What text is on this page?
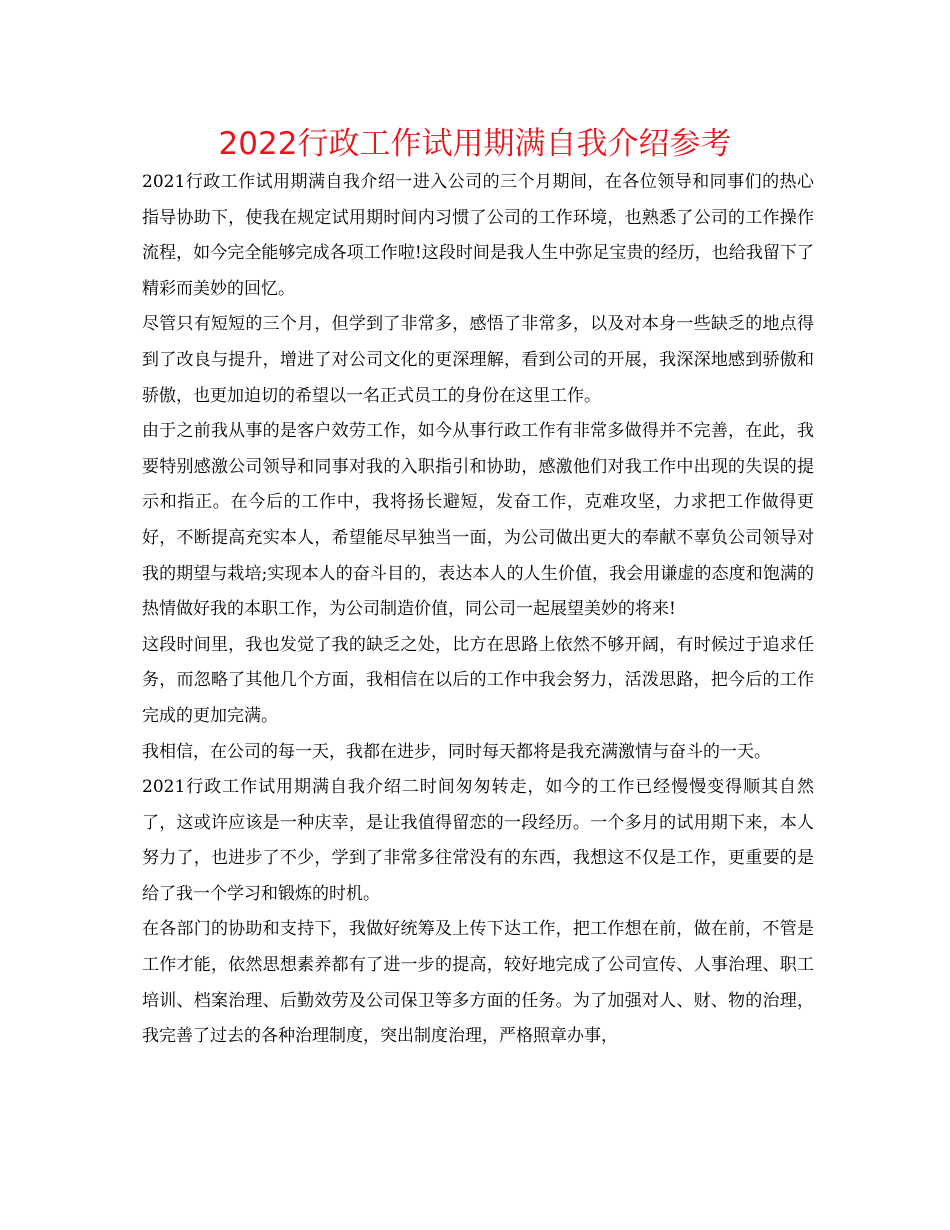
2022行政工作试用期满自我介绍参考

2021行政工作试用期满自我介绍一进入公司的三个月期间，在各位领导和同事们的热心指导协助下，使我在规定试用期时间内习惯了公司的工作环境，也熟悉了公司的工作操作流程，如今完全能够完成各项工作啦!这段时间是我人生中弥足宝贵的经历，也给我留下了精彩而美妙的回忆。

尽管只有短短的三个月，但学到了非常多，感悟了非常多，以及对本身一些缺乏的地点得到了改良与提升，增进了对公司文化的更深理解，看到公司的开展，我深深地感到骄傲和骄傲，也更加迫切的希望以一名正式员工的身份在这里工作。

由于之前我从事的是客户效劳工作，如今从事行政工作有非常多做得并不完善，在此，我要特别感激公司领导和同事对我的入职指引和协助，感激他们对我工作中出现的失误的提示和指正。在今后的工作中，我将扬长避短，发奋工作，克难攻坚，力求把工作做得更好，不断提高充实本人，希望能尽早独当一面，为公司做出更大的奉献不辜负公司领导对我的期望与栽培;实现本人的奋斗目的，表达本人的人生价值，我会用谦虚的态度和饱满的热情做好我的本职工作，为公司制造价值，同公司一起展望美妙的将来!

这段时间里，我也发觉了我的缺乏之处，比方在思路上依然不够开阔，有时候过于追求任务，而忽略了其他几个方面，我相信在以后的工作中我会努力，活泼思路，把今后的工作完成的更加完满。

我相信，在公司的每一天，我都在进步，同时每天都将是我充满激情与奋斗的一天。

2021行政工作试用期满自我介绍二时间匆匆转走，如今的工作已经慢慢变得顺其自然了，这或许应该是一种庆幸，是让我值得留恋的一段经历。一个多月的试用期下来，本人努力了，也进步了不少，学到了非常多往常没有的东西，我想这不仅是工作，更重要的是给了我一个学习和锻炼的时机。

在各部门的协助和支持下，我做好统筹及上传下达工作，把工作想在前，做在前，不管是工作才能，依然思想素养都有了进一步的提高，较好地完成了公司宣传、人事治理、职工培训、档案治理、后勤效劳及公司保卫等多方面的任务。为了加强对人、财、物的治理，我完善了过去的各种治理制度，突出制度治理，严格照章办事，
